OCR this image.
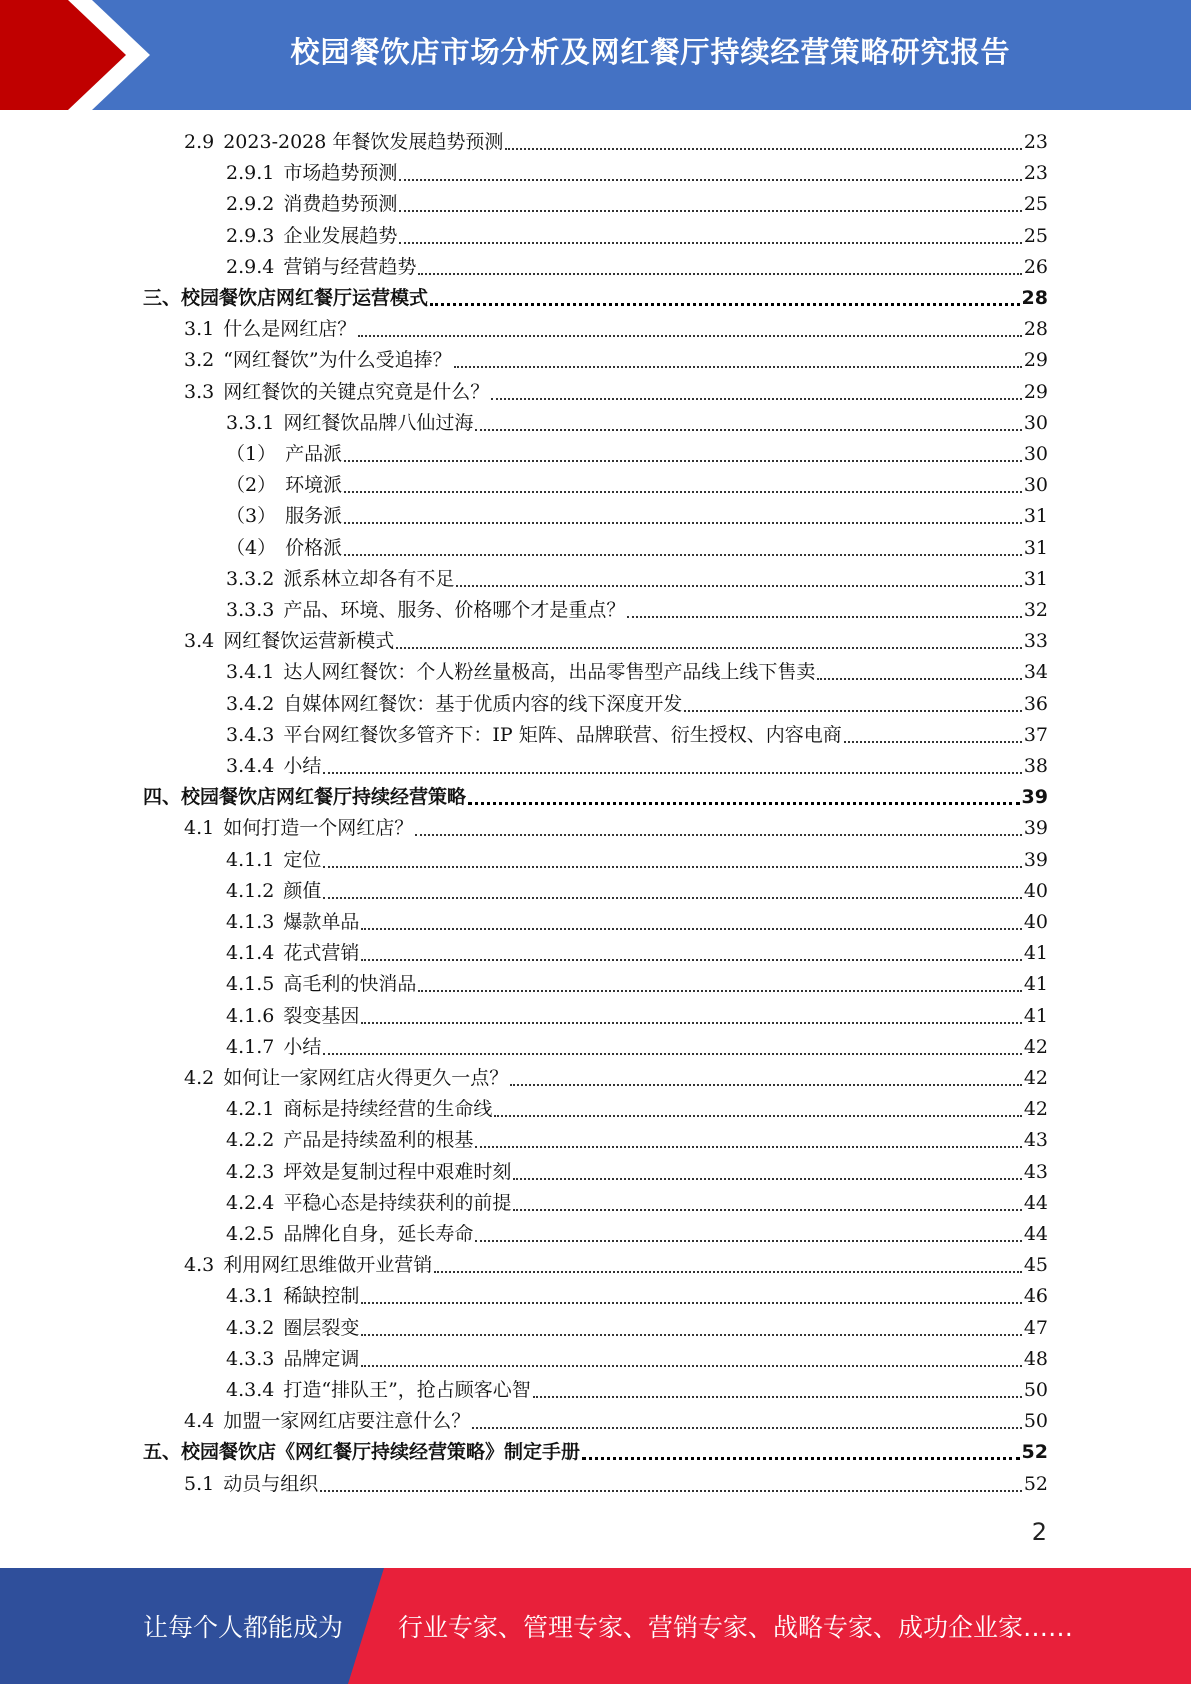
校园餐饮店市场分析及网红餐厅持续经营策略研究报告
2.9 2023-2028 年餐饮发展趋势预测	23
2.9.1 市场趋势预测	23
2.9.2 消费趋势预测	25
2.9.3 企业发展趋势	25
2.9.4 营销与经营趋势	26
三、 校园餐饮店网红餐厅运营模式	28
3.1 什么是网红店？	28
3.2 “网红餐饮”为什么受追捧？	29
3.3 网红餐饮的关键点究竟是什么？	29
3.3.1 网红餐饮品牌八仙过海	30
（1） 产品派	30
（2） 环境派	30
（3） 服务派	31
（4） 价格派	31
3.3.2 派系林立却各有不足	31
3.3.3 产品、环境、服务、价格哪个才是重点？	32
3.4 网红餐饮运营新模式	33
3.4.1 达人网红餐饮：个人粉丝量极高，出品零售型产品线上线下售卖	34
3.4.2 自媒体网红餐饮：基于优质内容的线下深度开发	36
3.4.3 平台网红餐饮多管齐下：IP 矩阵、品牌联营、衍生授权、内容电商	37
3.4.4 小结	38
四、 校园餐饮店网红餐厅持续经营策略	39
4.1 如何打造一个网红店？	39
4.1.1 定位	39
4.1.2 颜值	40
4.1.3 爆款单品	40
4.1.4 花式营销	41
4.1.5 高毛利的快消品	41
4.1.6 裂变基因	41
4.1.7 小结	42
4.2 如何让一家网红店火得更久一点？	42
4.2.1 商标是持续经营的生命线	42
4.2.2 产品是持续盈利的根基	43
4.2.3 坪效是复制过程中艰难时刻	43
4.2.4 平稳心态是持续获利的前提	44
4.2.5 品牌化自身，延长寿命	44
4.3 利用网红思维做开业营销	45
4.3.1 稀缺控制	46
4.3.2 圈层裂变	47
4.3.3 品牌定调	48
4.3.4 打造“排队王”，抢占顾客心智	50
4.4 加盟一家网红店要注意什么？	50
五、 校园餐饮店《网红餐厅持续经营策略》制定手册	52
5.1 动员与组织	52
2
让每个人都能成为 行业专家、管理专家、营销专家、战略专家、成功企业家……
